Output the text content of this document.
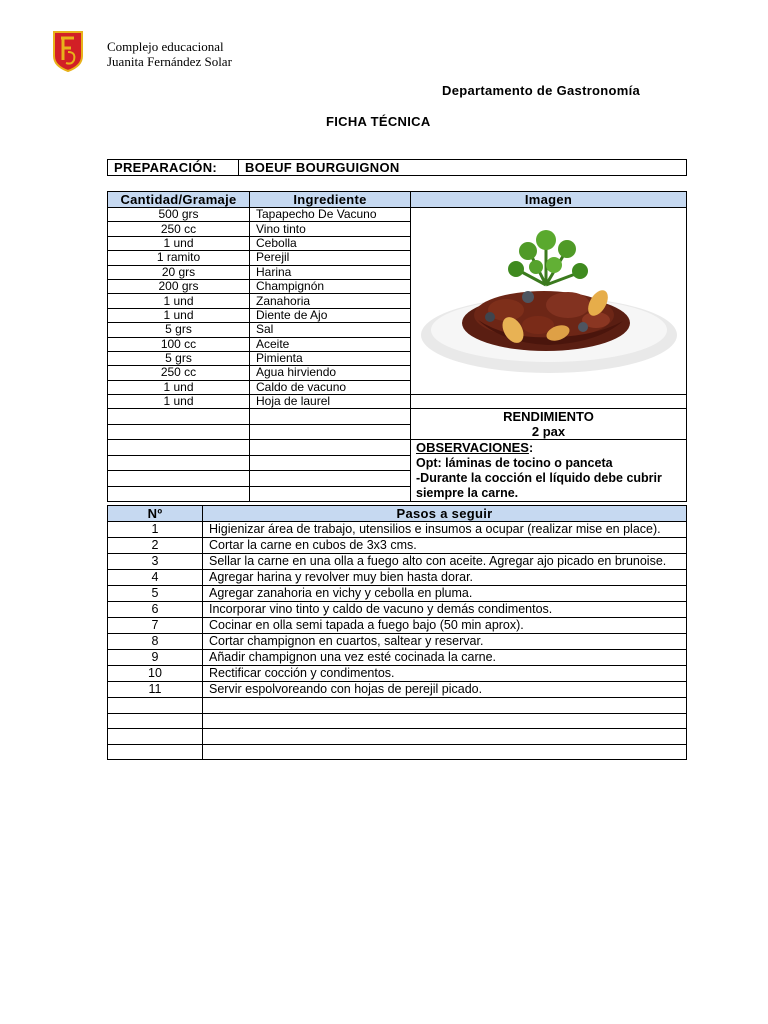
Complejo educacional
Juanita Fernández Solar
Departamento de Gastronomía
FICHA TÉCNICA
PREPARACIÓN:	BOEUF BOURGUIGNON
Cantidad/Gramaje	Ingrediente	Imagen
500 grs	Tapapecho De Vacuno	
250 cc	Vino tinto	
1 und	Cebolla	
1 ramito	Perejil	
20 grs	Harina	
200 grs	Champignón	
1 und	Zanahoria	
1 und	Diente de Ajo	
5 grs	Sal	
100 cc	Aceite	
5 grs	Pimienta	
250 cc	Agua hirviendo	
1 und	Caldo de vacuno	
1 und	Hoja de laurel	

		RENDIMIENTO
2 pax

		OBSERVACIONES:
Opt: láminas de tocino o panceta
-Durante la cocción el líquido debe cubrir siempre la carne.

Nº	Pasos a seguir
1	Higienizar área de trabajo, utensilios e insumos a ocupar (realizar mise en place).
2	Cortar la carne en cubos de 3x3 cms.
3	Sellar la carne en una olla a fuego alto con aceite. Agregar ajo picado en brunoise.
4	Agregar harina y revolver muy bien hasta dorar.
5	Agregar zanahoria en vichy y cebolla en pluma.
6	Incorporar vino tinto y caldo de vacuno y demás condimentos.
7	Cocinar en olla semi tapada a fuego bajo (50 min aprox).
8	Cortar champignon en cuartos, saltear y reservar.
9	Añadir champignon una vez esté cocinada la carne.
10	Rectificar cocción y condimentos.
11	Servir espolvoreando con hojas de perejil picado.
